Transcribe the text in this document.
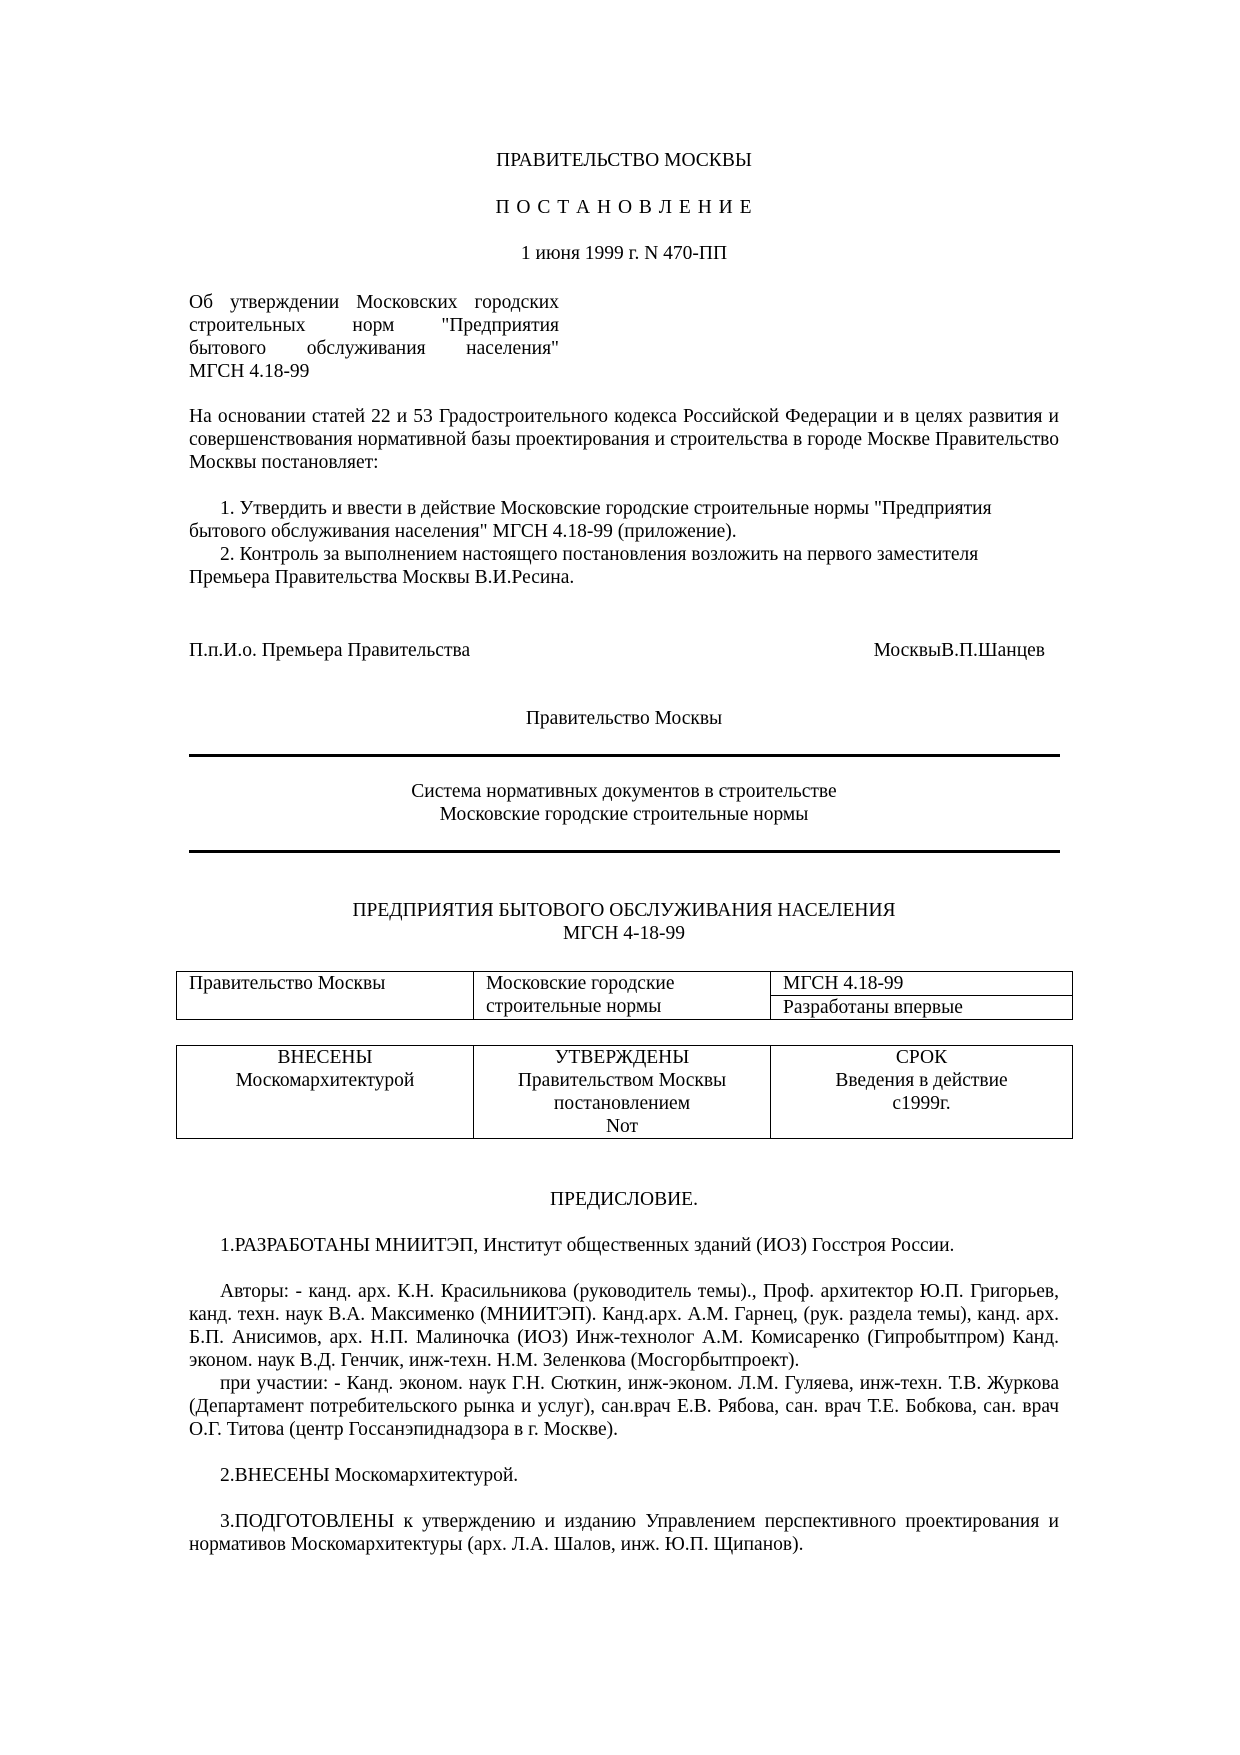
ПРАВИТЕЛЬСТВО МОСКВЫ
П О С Т А Н О В Л Е Н И Е
1 июня 1999 г. N 470-ПП
Об утверждении Московских городских
строительных норм "Предприятия
бытового обслуживания населения"
МГСН 4.18-99
На основании статей 22 и 53 Градостроительного кодекса Российской Федерации и в целях развития и совершенствования нормативной базы проектирования и строительства в городе Москве Правительство Москвы постановляет:
1. Утвердить и ввести в действие Московские городские строительные нормы "Предприятия бытового обслуживания населения" МГСН 4.18-99 (приложение).
2. Контроль за выполнением настоящего постановления возложить на первого заместителя Премьера Правительства Москвы В.И.Ресина.
П.п.И.о. Премьера Правительства	МосквыВ.П.Шанцев
Правительство Москвы
Система нормативных документов в строительстве
Московские городские строительные нормы
ПРЕДПРИЯТИЯ БЫТОВОГО ОБСЛУЖИВАНИЯ НАСЕЛЕНИЯ
МГСН 4-18-99
Правительство Москвы	Московские городские строительные нормы	МГСН 4.18-99
Разработаны впервые
ВНЕСЕНЫ
Москомархитектурой

УТВЕРЖДЕНЫ
Правительством Москвы
постановлением
Nот

СРОК
Введения в действие
с1999г.
ПРЕДИСЛОВИЕ.
1.РАЗРАБОТАНЫ МНИИТЭП, Институт общественных зданий (ИОЗ) Госстроя России.
Авторы: - канд. арх. К.Н. Красильникова (руководитель темы)., Проф. архитектор Ю.П. Григорьев, канд. техн. наук В.А. Максименко (МНИИТЭП). Канд.арх. А.М. Гарнец, (рук. раздела темы), канд. арх. Б.П. Анисимов, арх. Н.П. Малиночка (ИОЗ) Инж-технолог А.М. Комисаренко (Гипробытпром) Канд. эконом. наук В.Д. Генчик, инж-техн. Н.М. Зеленкова (Мосгорбытпроект).
при участии: - Канд. эконом. наук Г.Н. Сюткин, инж-эконом. Л.М. Гуляева, инж-техн. Т.В. Журкова (Департамент потребительского рынка и услуг), сан.врач Е.В. Рябова, сан. врач Т.Е. Бобкова, сан. врач О.Г. Титова (центр Госсанэпиднадзора в г. Москве).
2.ВНЕСЕНЫ Москомархитектурой.
3.ПОДГОТОВЛЕНЫ к утверждению и изданию Управлением перспективного проектирования и нормативов Москомархитектуры (арх. Л.А. Шалов, инж. Ю.П. Щипанов).
